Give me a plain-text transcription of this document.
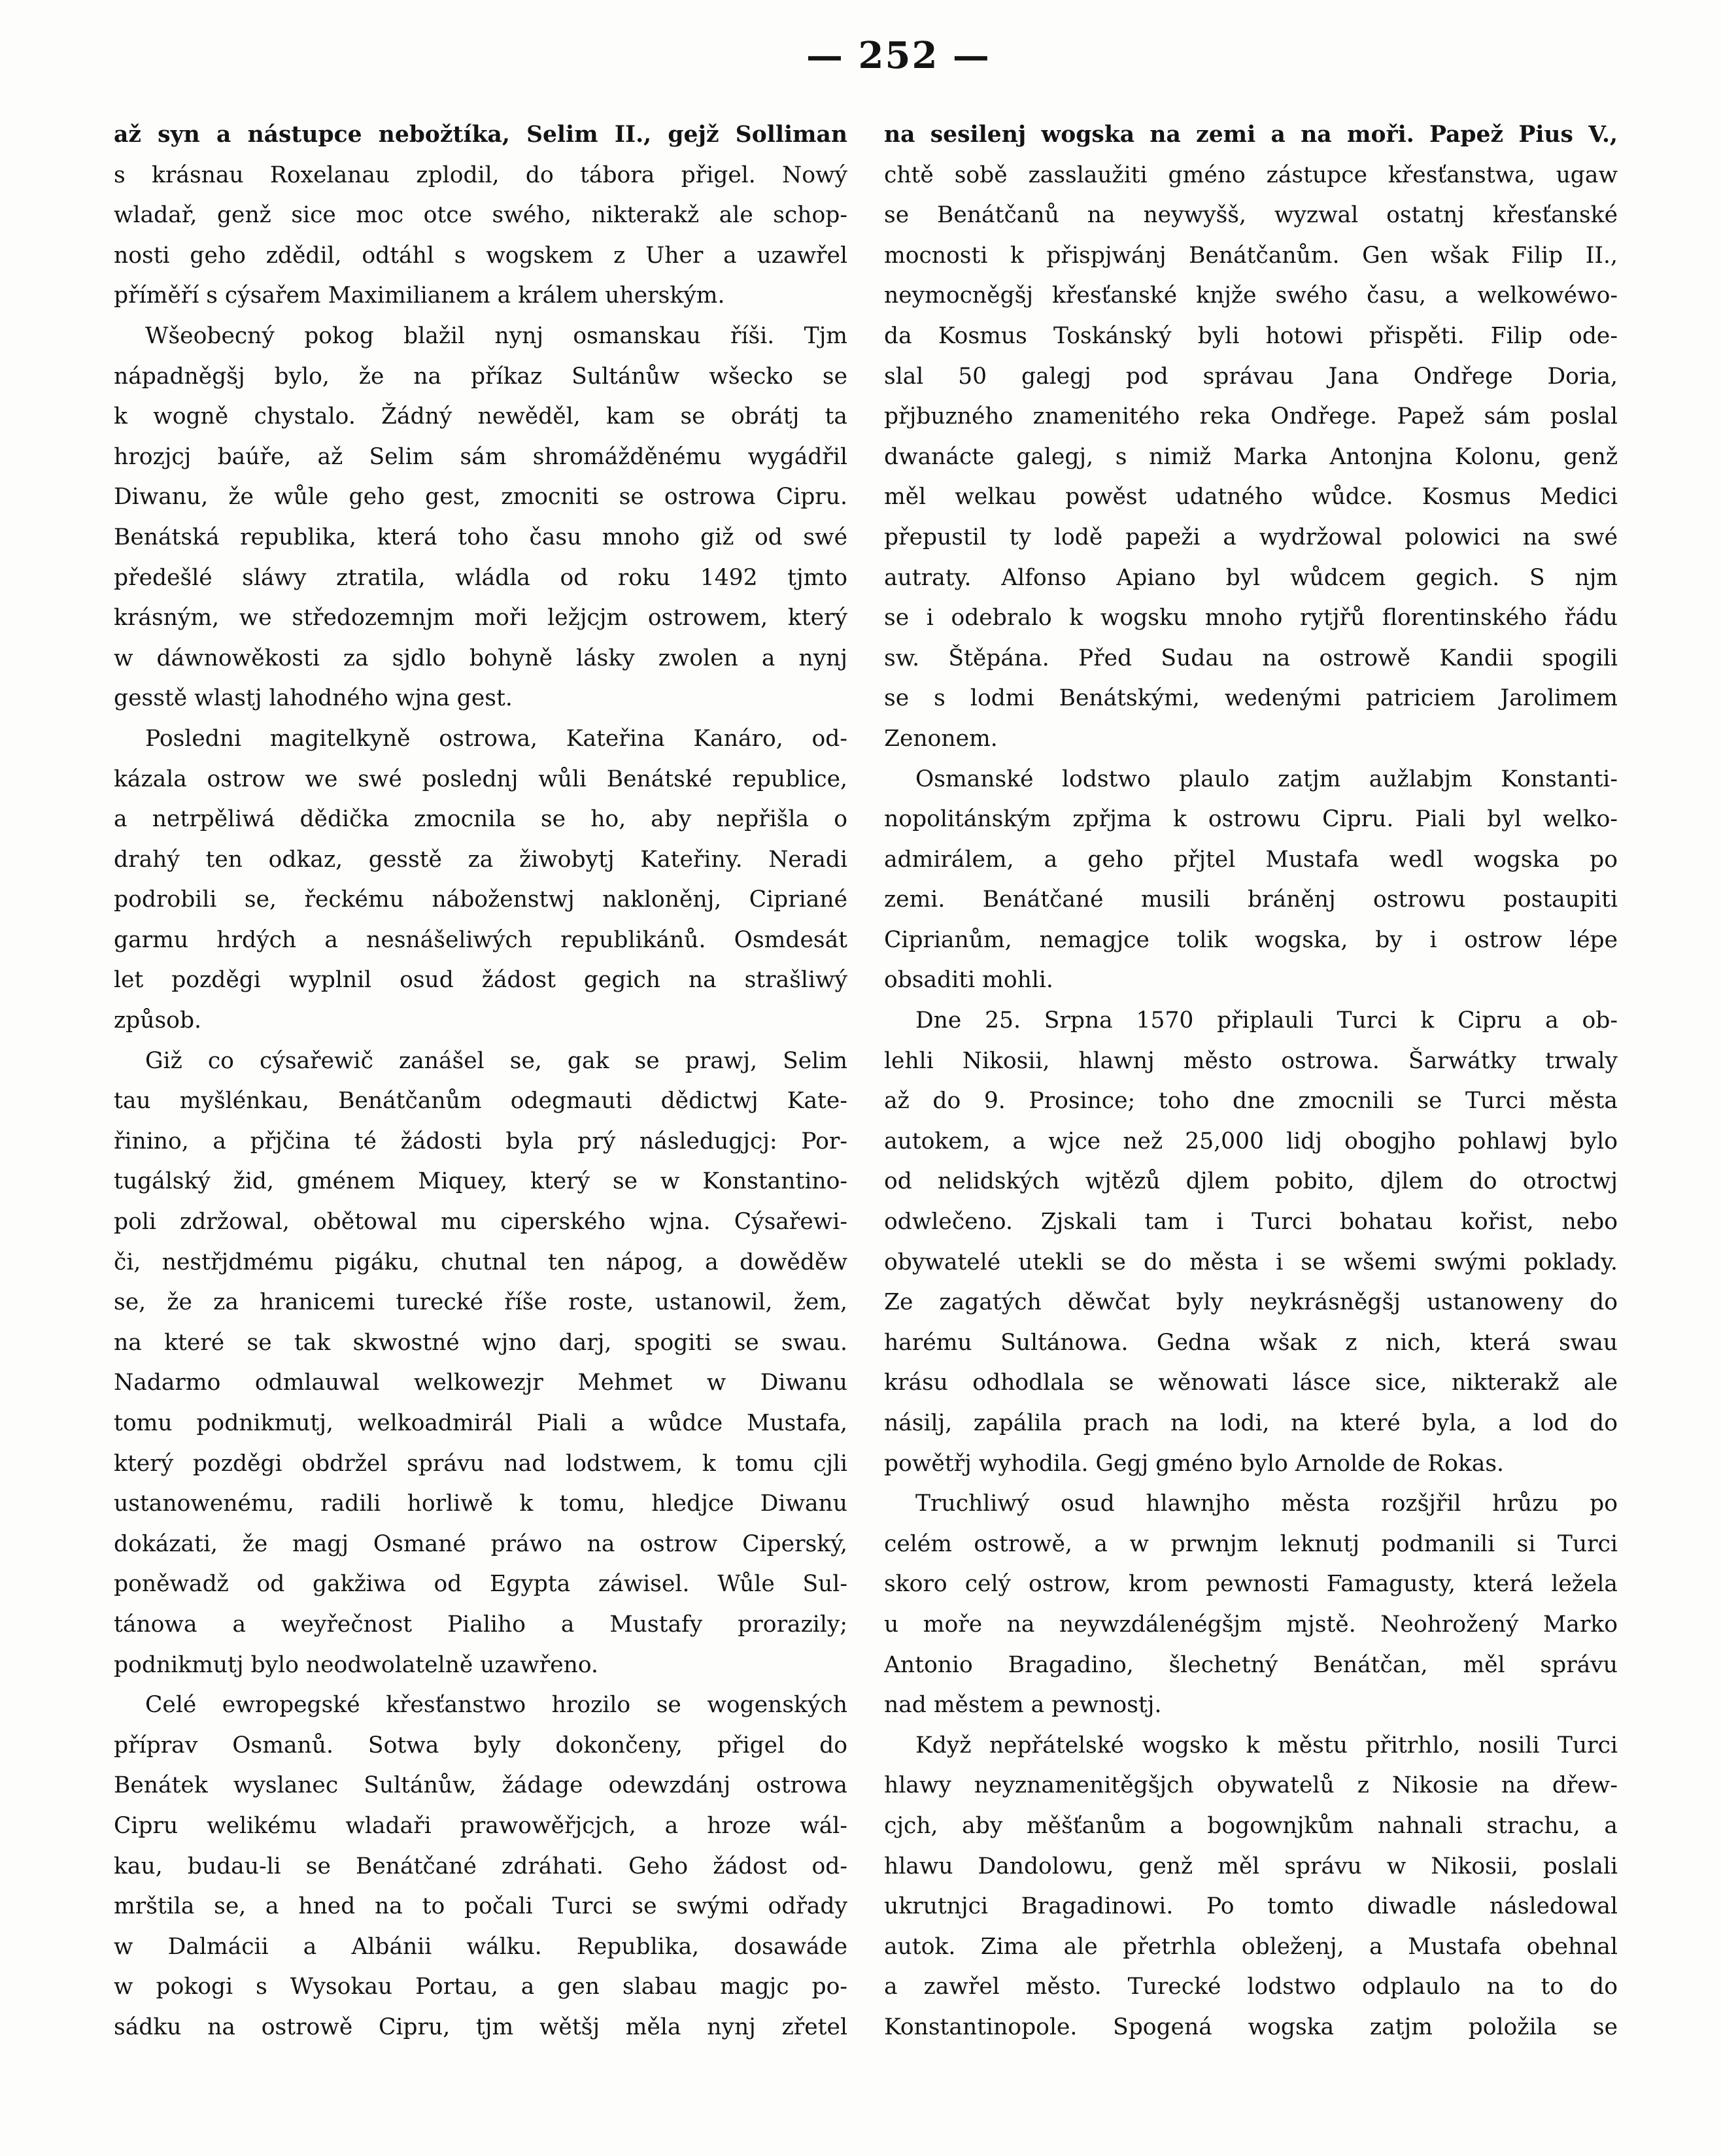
— 252 —
až syn a nástupce nebožtíka, Selim II., gejž Solliman
s krásnau Roxelanau zplodil, do tábora přigel. Nowý
wladař, genž sice moc otce swého, nikterakž ale schop-
nosti geho zdědil, odtáhl s wogskem z Uher a uzawřel
příměří s cýsařem Maximilianem a králem uherským.
Wšeobecný pokog blažil nynj osmanskau říši. Tjm
nápadněgšj bylo, že na příkaz Sultánůw wšecko se
k wogně chystalo. Žádný newěděl, kam se obrátj ta
hrozjcj baúře, až Selim sám shromážděnému wygádřil
Diwanu, že wůle geho gest, zmocniti se ostrowa Cipru.
Benátská republika, která toho času mnoho giž od swé
předešlé sláwy ztratila, wládla od roku 1492 tjmto
krásným, we středozemnjm moři ležjcjm ostrowem, který
w dáwnowěkosti za sjdlo bohyně lásky zwolen a nynj
gesstě wlastj lahodného wjna gest.
Posledni magitelkyně ostrowa, Kateřina Kanáro, od-
kázala ostrow we swé poslednj wůli Benátské republice,
a netrpěliwá dědička zmocnila se ho, aby nepřišla o
drahý ten odkaz, gesstě za žiwobytj Kateřiny. Neradi
podrobili se, řeckému náboženstwj nakloněnj, Cipriané
garmu hrdých a nesnášeliwých republikánů. Osmdesát
let pozděgi wyplnil osud žádost gegich na strašliwý
způsob.
Giž co cýsařewič zanášel se, gak se prawj, Selim
tau myšlénkau, Benátčanům odegmauti dědictwj Kate-
řinino, a přjčina té žádosti byla prý následugjcj: Por-
tugálský žid, gménem Miquey, který se w Konstantino-
poli zdržowal, obětowal mu ciperského wjna. Cýsařewi-
či, nestřjdmému pigáku, chutnal ten nápog, a dowěděw
se, že za hranicemi turecké říše roste, ustanowil, žem,
na které se tak skwostné wjno darj, spogiti se swau.
Nadarmo odmlauwal welkowezjr Mehmet w Diwanu
tomu podnikmutj, welkoadmirál Piali a wůdce Mustafa,
který pozděgi obdržel správu nad lodstwem, k tomu cjli
ustanowenému, radili horliwě k tomu, hledjce Diwanu
dokázati, že magj Osmané práwo na ostrow Ciperský,
poněwadž od gakžiwa od Egypta záwisel. Wůle Sul-
tánowa a weyřečnost Pialiho a Mustafy prorazily;
podnikmutj bylo neodwolatelně uzawřeno.
Celé ewropegské křesťanstwo hrozilo se wogenských
příprav Osmanů. Sotwa byly dokončeny, přigel do
Benátek wyslanec Sultánůw, žádage odewzdánj ostrowa
Cipru welikému wladaři prawowěřjcjch, a hroze wál-
kau, budau-li se Benátčané zdráhati. Geho žádost od-
mrštila se, a hned na to počali Turci se swými odřady
w Dalmácii a Albánii wálku. Republika, dosawáde
w pokogi s Wysokau Portau, a gen slabau magjc po-
sádku na ostrowě Cipru, tjm wětšj měla nynj zřetel
na sesilenj wogska na zemi a na moři. Papež Pius V.,
chtě sobě zasslaužiti gméno zástupce křesťanstwa, ugaw
se Benátčanů na neywyšš, wyzwal ostatnj křesťanské
mocnosti k přispjwánj Benátčanům. Gen wšak Filip II.,
neymocněgšj křesťanské knjže swého času, a welkowéwo-
da Kosmus Toskánský byli hotowi přispěti. Filip ode-
slal 50 galegj pod správau Jana Ondřege Doria,
přjbuzného znamenitého reka Ondřege. Papež sám poslal
dwanácte galegj, s nimiž Marka Antonjna Kolonu, genž
měl welkau powěst udatného wůdce. Kosmus Medici
přepustil ty lodě papeži a wydržowal polowici na swé
autraty. Alfonso Apiano byl wůdcem gegich. S njm
se i odebralo k wogsku mnoho rytjřů florentinského řádu
sw. Štěpána. Před Sudau na ostrowě Kandii spogili
se s lodmi Benátskými, wedenými patriciem Jarolimem
Zenonem.
Osmanské lodstwo plaulo zatjm aužlabjm Konstanti-
nopolitánským zpřjma k ostrowu Cipru. Piali byl welko-
admirálem, a geho přjtel Mustafa wedl wogska po
zemi. Benátčané musili bráněnj ostrowu postaupiti
Ciprianům, nemagjce tolik wogska, by i ostrow lépe
obsaditi mohli.
Dne 25. Srpna 1570 připlauli Turci k Cipru a ob-
lehli Nikosii, hlawnj město ostrowa. Šarwátky trwaly
až do 9. Prosince; toho dne zmocnili se Turci města
autokem, a wjce než 25,000 lidj obogjho pohlawj bylo
od nelidských wjtězů djlem pobito, djlem do otroctwj
odwlečeno. Zjskali tam i Turci bohatau kořist, nebo
obywatelé utekli se do města i se wšemi swými poklady.
Ze zagatých děwčat byly neykrásněgšj ustanoweny do
harému Sultánowa. Gedna wšak z nich, která swau
krásu odhodlala se wěnowati lásce sice, nikterakž ale
násilj, zapálila prach na lodi, na které byla, a lod do
powětřj wyhodila. Gegj gméno bylo Arnolde de Rokas.
Truchliwý osud hlawnjho města rozšjřil hrůzu po
celém ostrowě, a w prwnjm leknutj podmanili si Turci
skoro celý ostrow, krom pewnosti Famagusty, která ležela
u moře na neywzdálenégšjm mjstě. Neohrožený Marko
Antonio Bragadino, šlechetný Benátčan, měl správu
nad městem a pewnostj.
Když nepřátelské wogsko k městu přitrhlo, nosili Turci
hlawy neyznamenitěgšjch obywatelů z Nikosie na dřew-
cjch, aby měšťanům a bogownjkům nahnali strachu, a
hlawu Dandolowu, genž měl správu w Nikosii, poslali
ukrutnjci Bragadinowi. Po tomto diwadle následowal
autok. Zima ale přetrhla obleženj, a Mustafa obehnal
a zawřel město. Turecké lodstwo odplaulo na to do
Konstantinopole. Spogená wogska zatjm položila se
